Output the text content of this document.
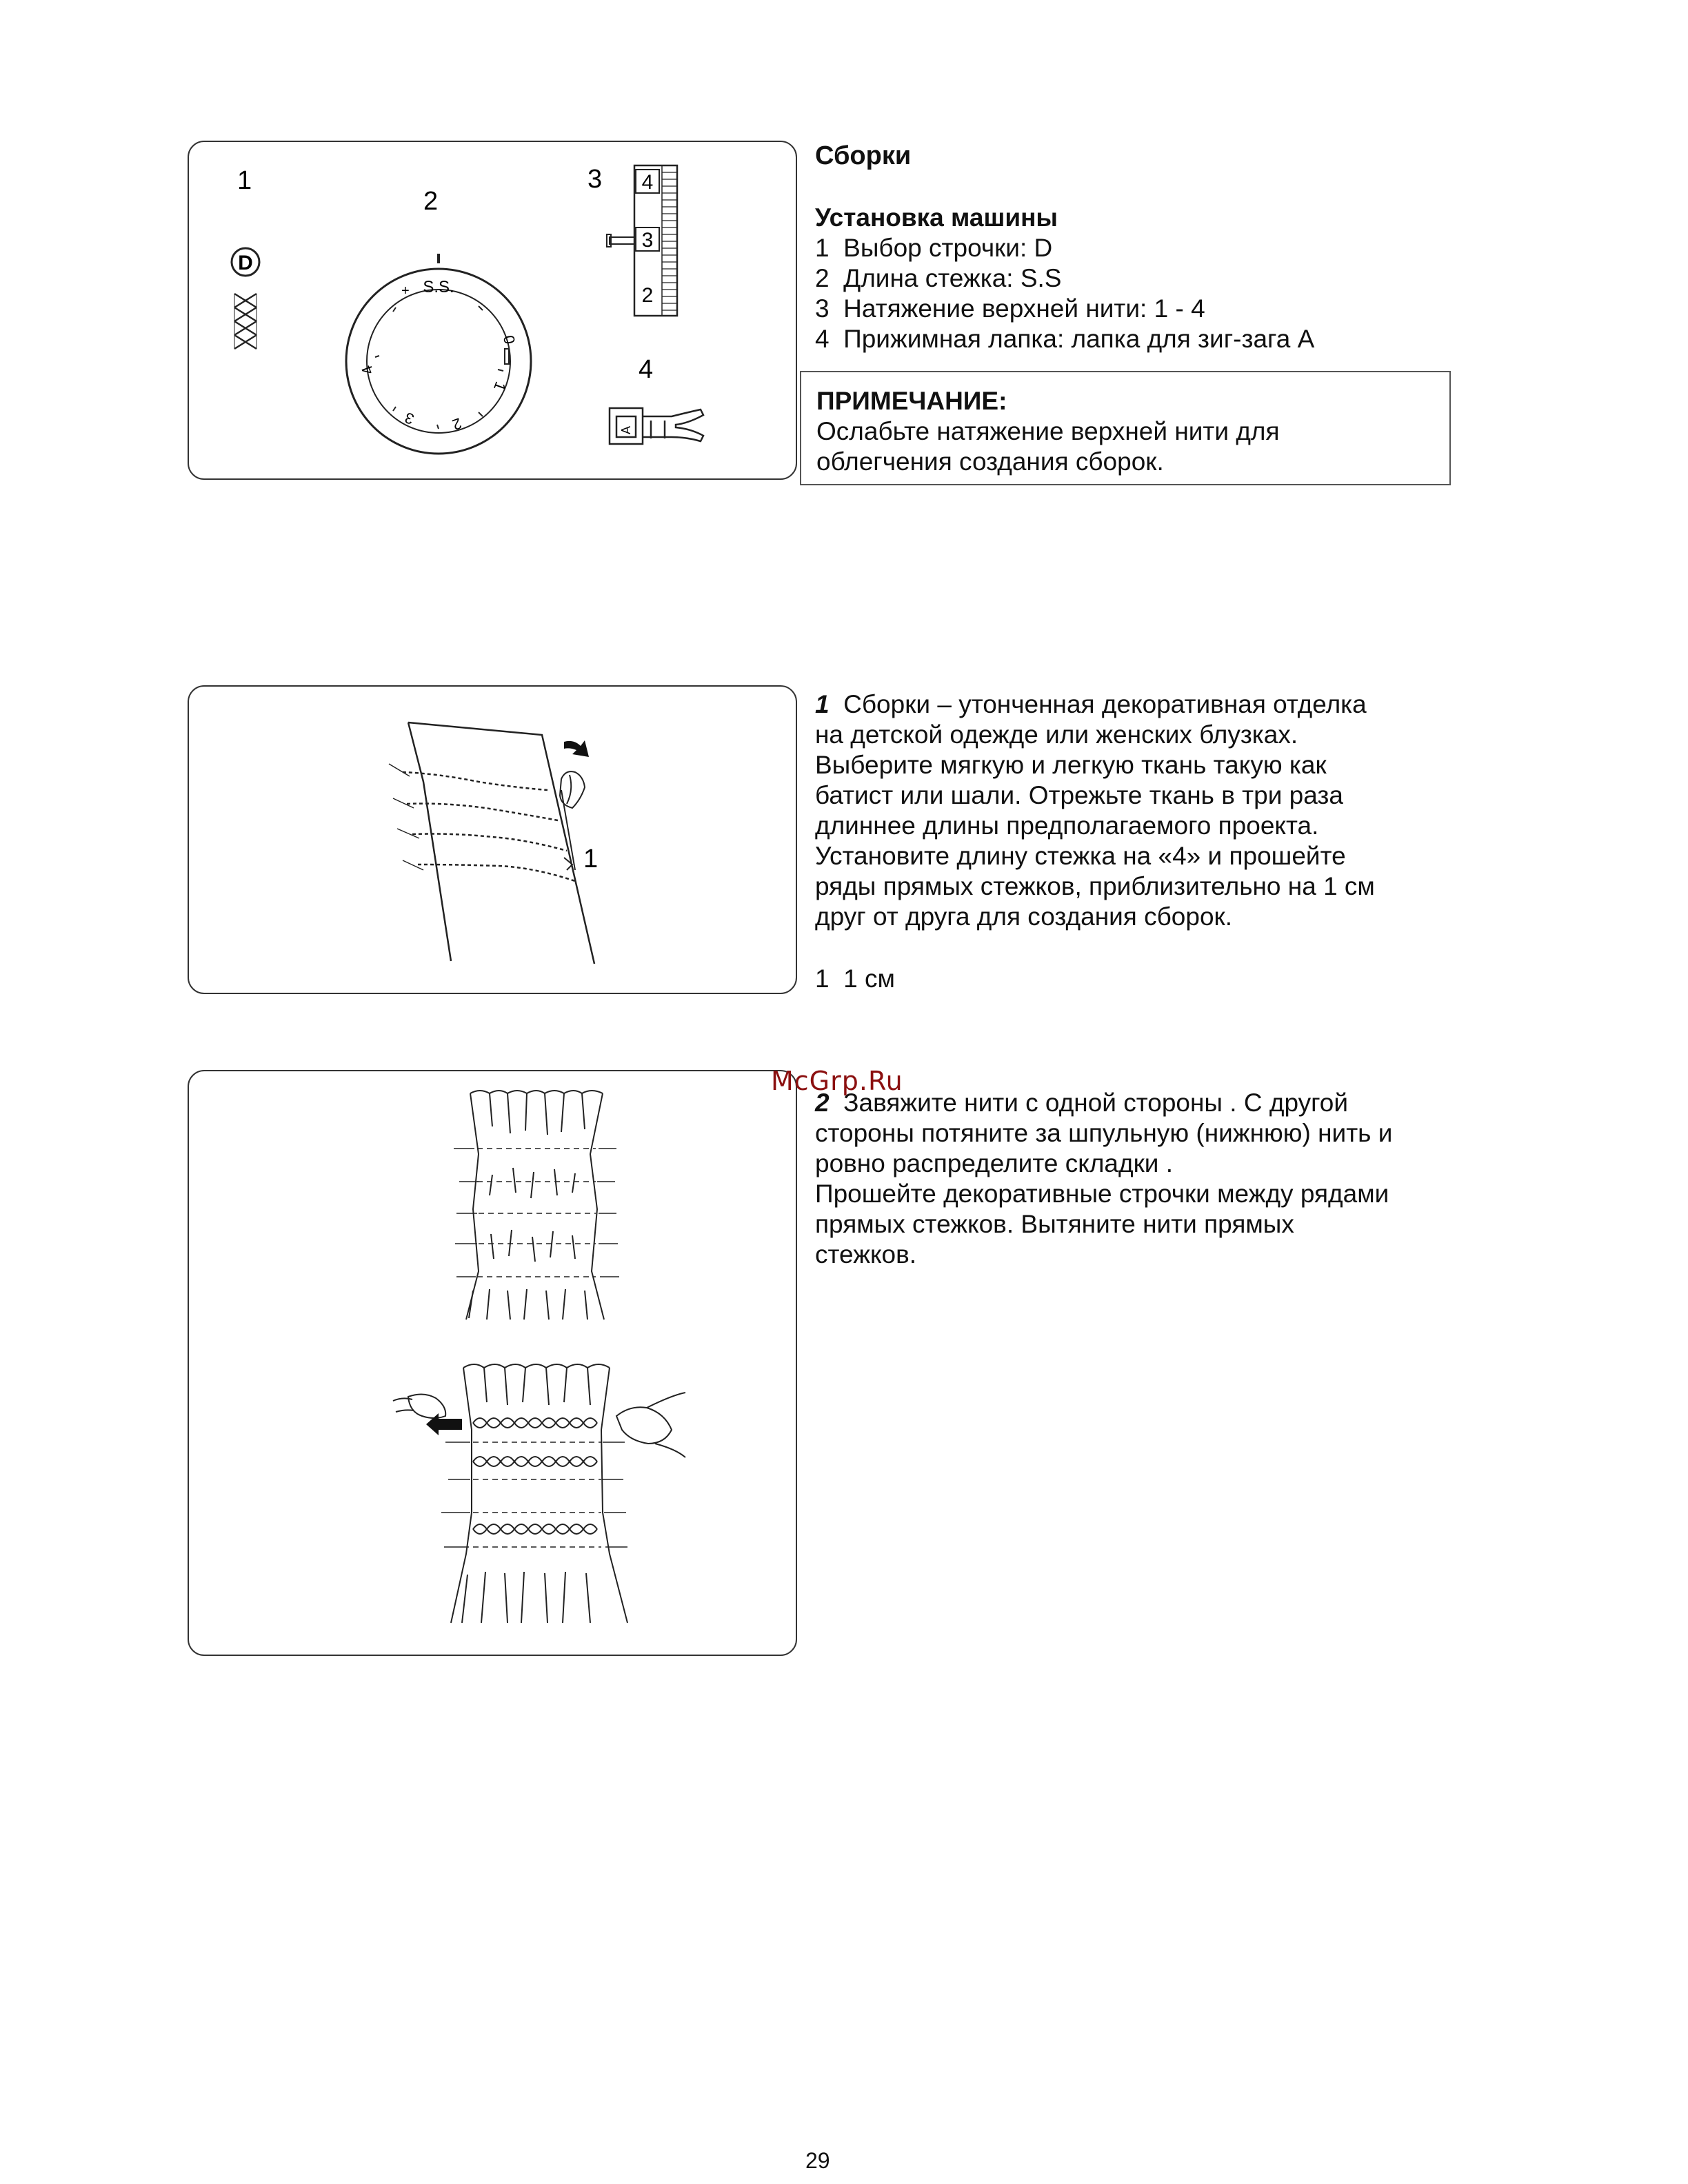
1
2
3
4
D
S.S.
+
0
1
2
3
4
4
3
2
A
1
Сборки
Установка машины
1 Выбор строчки: D
2 Длина стежка: S.S
3 Натяжение верхней нити: 1 - 4
4 Прижимная лапка: лапка для зиг-зага A
ПРИМЕЧАНИЕ:
Ослабьте натяжение верхней нити для
облегчения создания сборок.
1 Сборки – утонченная декоративная отделка
на детской одежде или женских блузках.
Выберите мягкую и легкую ткань такую как
батист или шали. Отрежьте ткань в три раза
длиннее длины предполагаемого проекта.
Установите длину стежка на «4» и прошейте
ряды прямых стежков, приблизительно на 1 см
друг от друга для создания сборок.
1 1 см
2 Завяжите нити с одной стороны . С другой
стороны потяните за шпульную (нижнюю) нить и
ровно распределите складки .
Прошейте декоративные строчки между рядами
прямых стежков. Вытяните нити прямых
стежков.
McGrp.Ru
29
